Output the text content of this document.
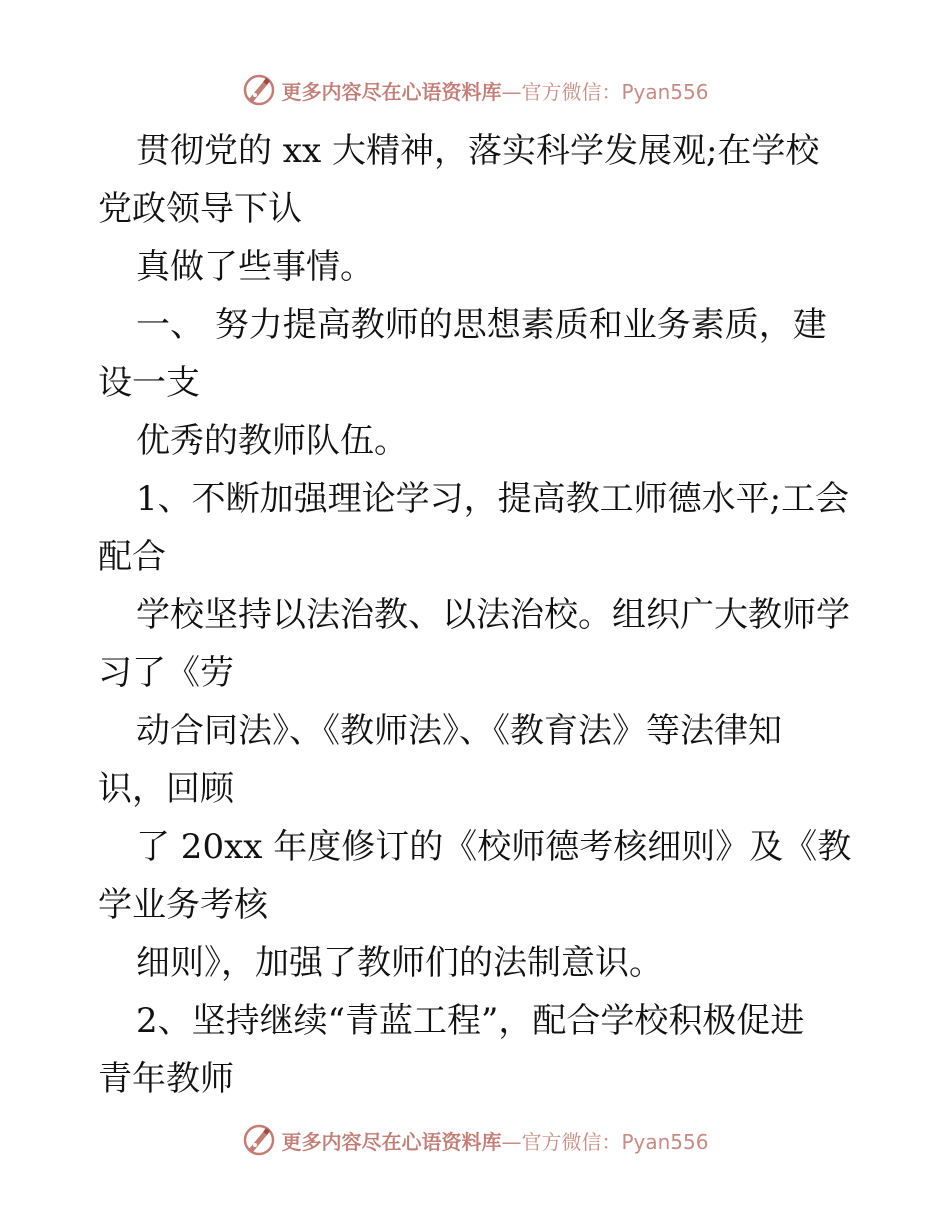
更多内容尽在心语资料库—官方微信：Pyan556
贯彻党的 xx 大精神，落实科学发展观;在学校
党政领导下认
真做了些事情。
一、 努力提高教师的思想素质和业务素质，建
设一支
优秀的教师队伍。
1、不断加强理论学习，提高教工师德水平;工会
配合
学校坚持以法治教、以法治校。组织广大教师学
习了《劳
动合同法》、《教师法》、《教育法》等法律知
识，回顾
了 20xx 年度修订的《校师德考核细则》及《教
学业务考核
细则》，加强了教师们的法制意识。
2、坚持继续“青蓝工程”，配合学校积极促进
青年教师
更多内容尽在心语资料库—官方微信：Pyan556
